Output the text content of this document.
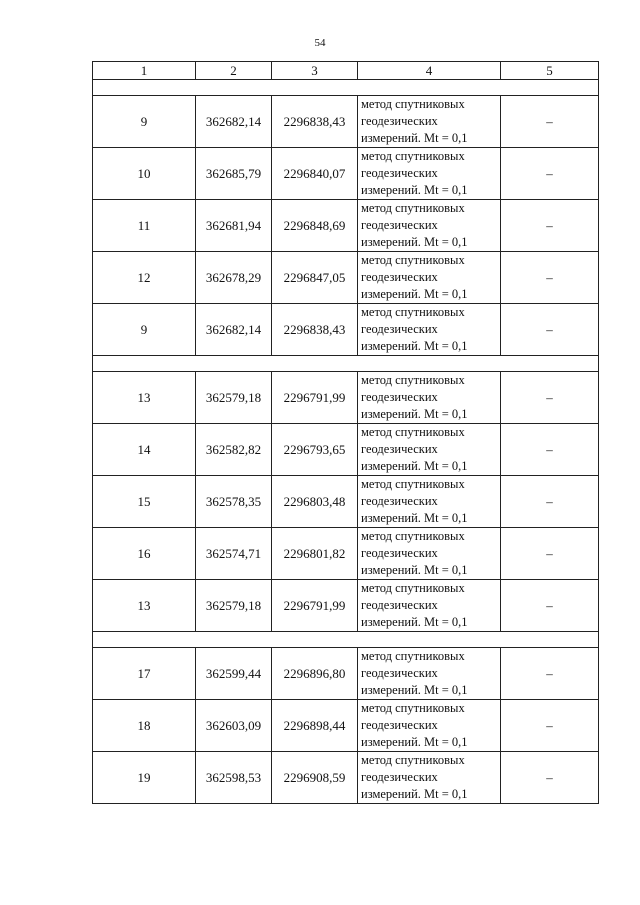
54
1	2	3	4	5

9	362682,14	2296838,43	метод спутниковых
геодезических
измерений. Mt = 0,1	–
10	362685,79	2296840,07	метод спутниковых
геодезических
измерений. Mt = 0,1	–
11	362681,94	2296848,69	метод спутниковых
геодезических
измерений. Mt = 0,1	–
12	362678,29	2296847,05	метод спутниковых
геодезических
измерений. Mt = 0,1	–
9	362682,14	2296838,43	метод спутниковых
геодезических
измерений. Mt = 0,1	–

13	362579,18	2296791,99	метод спутниковых
геодезических
измерений. Mt = 0,1	–
14	362582,82	2296793,65	метод спутниковых
геодезических
измерений. Mt = 0,1	–
15	362578,35	2296803,48	метод спутниковых
геодезических
измерений. Mt = 0,1	–
16	362574,71	2296801,82	метод спутниковых
геодезических
измерений. Mt = 0,1	–
13	362579,18	2296791,99	метод спутниковых
геодезических
измерений. Mt = 0,1	–

17	362599,44	2296896,80	метод спутниковых
геодезических
измерений. Mt = 0,1	–
18	362603,09	2296898,44	метод спутниковых
геодезических
измерений. Mt = 0,1	–
19	362598,53	2296908,59	метод спутниковых
геодезических
измерений. Mt = 0,1	–
